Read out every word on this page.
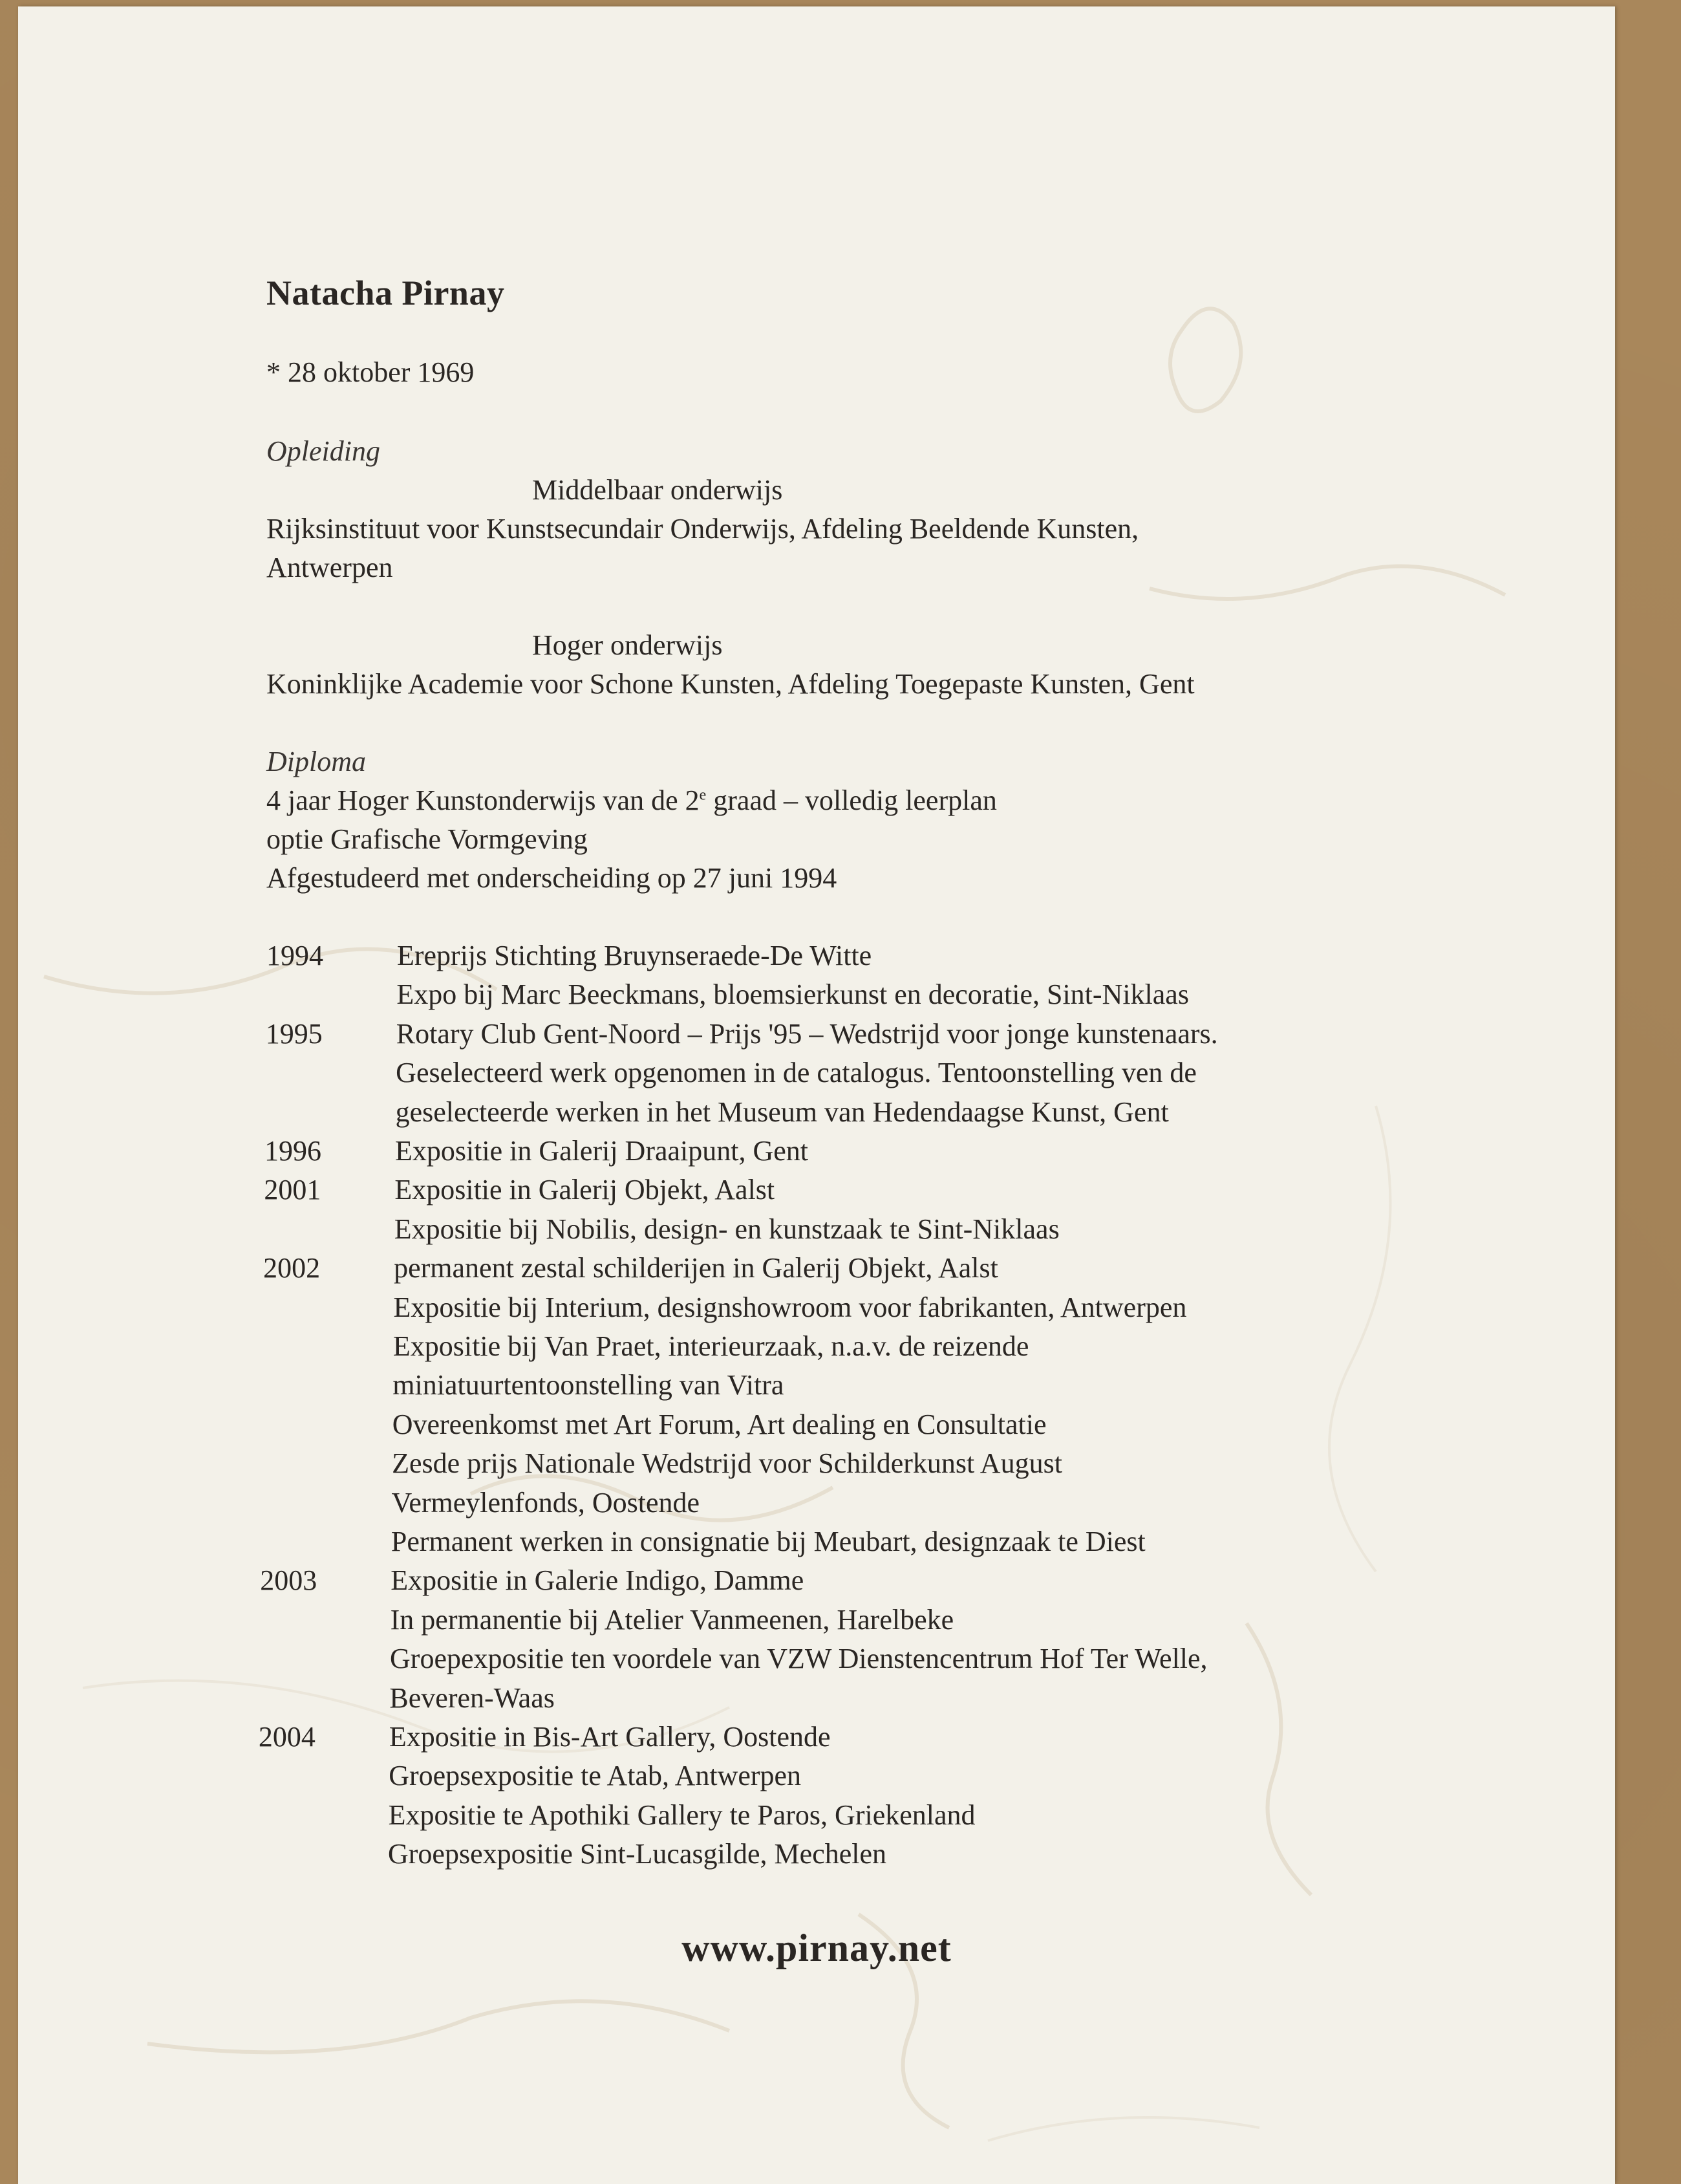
Natacha Pirnay
* 28 oktober 1969
Opleiding
Middelbaar onderwijs
Rijksinstituut voor Kunstsecundair Onderwijs, Afdeling Beeldende Kunsten,
Antwerpen
Hoger onderwijs
Koninklijke Academie voor Schone Kunsten, Afdeling Toegepaste Kunsten, Gent
Diploma
4 jaar Hoger Kunstonderwijs van de 2e graad – volledig leerplan
optie Grafische Vormgeving
Afgestudeerd met onderscheiding op 27 juni 1994
1994	Ereprijs Stichting Bruynseraede-De Witte
Expo bij Marc Beeckmans, bloemsierkunst en decoratie, Sint-Niklaas
1995	Rotary Club Gent-Noord – Prijs '95 – Wedstrijd voor jonge kunstenaars.
Geselecteerd werk opgenomen in de catalogus. Tentoonstelling ven de
geselecteerde werken in het Museum van Hedendaagse Kunst, Gent
1996	Expositie in Galerij Draaipunt, Gent
2001	Expositie in Galerij Objekt, Aalst
Expositie bij Nobilis, design- en kunstzaak te Sint-Niklaas
2002	permanent zestal schilderijen in Galerij Objekt, Aalst
Expositie bij Interium, designshowroom voor fabrikanten, Antwerpen
Expositie bij Van Praet, interieurzaak, n.a.v. de reizende
miniatuurtentoonstelling van Vitra
Overeenkomst met Art Forum, Art dealing en Consultatie
Zesde prijs Nationale Wedstrijd voor Schilderkunst August
Vermeylenfonds, Oostende
Permanent werken in consignatie bij Meubart, designzaak te Diest
2003	Expositie in Galerie Indigo, Damme
In permanentie bij Atelier Vanmeenen, Harelbeke
Groepexpositie ten voordele van VZW Dienstencentrum Hof Ter Welle,
Beveren-Waas
2004	Expositie in Bis-Art Gallery, Oostende
Groepsexpositie te Atab, Antwerpen
Expositie te Apothiki Gallery te Paros, Griekenland
Groepsexpositie Sint-Lucasgilde, Mechelen
www.pirnay.net
